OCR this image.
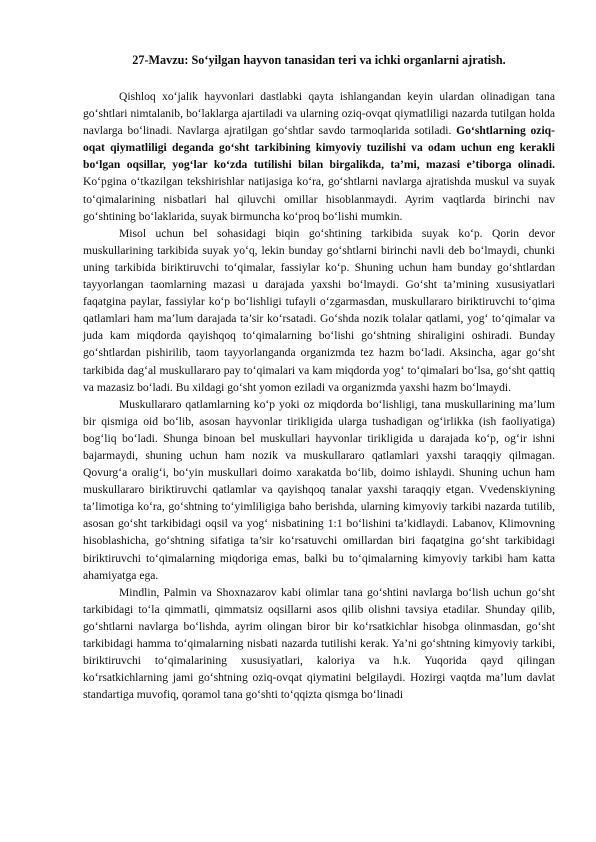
27-Mavzu: So‘yilgan hayvon tanasidan teri va ichki organlarni ajratish.

Qishloq xo‘jalik hayvonlari dastlabki qayta ishlangandan keyin ulardan olinadigan tana go‘shtlari nimtalanib, bo‘laklarga ajartiladi va ularning oziq-ovqat qiymatliligi nazarda tutilgan holda navlarga bo‘linadi. Navlarga ajratilgan go‘shtlar savdo tarmoqlarida sotiladi. Go‘shtlarning oziq-oqat qiymatliligi deganda go‘sht tarkibining kimyoviy tuzilishi va odam uchun eng kerakli bo‘lgan oqsillar, yog‘lar ko‘zda tutilishi bilan birgalikda, ta’mi, mazasi e’tiborga olinadi. Ko‘pgina o‘tkazilgan tekshirishlar natijasiga ko‘ra, go‘shtlarni navlarga ajratishda muskul va suyak to‘qimalarining nisbatlari hal qiluvchi omillar hisoblanmaydi. Ayrim vaqtlarda birinchi nav go‘shtining bo‘laklarida, suyak birmuncha ko‘proq bo‘lishi mumkin.

Misol uchun bel sohasidagi biqin go‘shtining tarkibida suyak ko‘p. Qorin devor muskullarining tarkibida suyak yo‘q, lekin bunday go‘shtlarni birinchi navli deb bo‘lmaydi, chunki uning tarkibida biriktiruvchi to‘qimalar, fassiylar ko‘p. Shuning uchun ham bunday go‘shtlardan tayyorlangan taomlarning mazasi u darajada yaxshi bo‘lmaydi. Go‘sht ta’mining xususiyatlari faqatgina paylar, fassiylar ko‘p bo‘lishligi tufayli o‘zgarmasdan, muskullararo biriktiruvchi to‘qima qatlamlari ham ma’lum darajada ta’sir ko‘rsatadi. Go‘shda nozik tolalar qatlami, yog‘ to‘qimalar va juda kam miqdorda qayishqoq to‘qimalarning bo‘lishi go‘shtning shiraligini oshiradi. Bunday go‘shtlardan pishirilib, taom tayyorlanganda organizmda tez hazm bo‘ladi. Aksincha, agar go‘sht tarkibida dag‘al muskullararo pay to‘qimalari va kam miqdorda yog‘ to‘qimalari bo‘lsa, go‘sht qattiq va mazasiz bo‘ladi. Bu xildagi go‘sht yomon eziladi va organizmda yaxshi hazm bo‘lmaydi.

Muskullararo qatlamlarning ko‘p yoki oz miqdorda bo‘lishligi, tana muskullarining ma’lum bir qismiga oid bo‘lib, asosan hayvonlar tirikligida ularga tushadigan og‘irlikka (ish faoliyatiga) bog‘liq bo‘ladi. Shunga binoan bel muskullari hayvonlar tirikligida u darajada ko‘p, og‘ir ishni bajarmaydi, shuning uchun ham nozik va muskullararo qatlamlari yaxshi taraqqiy qilmagan. Qovurg‘a oralig‘i, bo‘yin muskullari doimo xarakatda bo‘lib, doimo ishlaydi. Shuning uchun ham muskullararo biriktiruvchi qatlamlar va qayishqoq tanalar yaxshi taraqqiy etgan. Vvedenskiyning ta’limotiga ko‘ra, go‘shtning to‘yimliligiga baho berishda, ularning kimyoviy tarkibi nazarda tutilib, asosan go‘sht tarkibidagi oqsil va yog‘ nisbatining 1:1 bo‘lishini ta’kidlaydi. Labanov, Klimovning hisoblashicha, go‘shtning sifatiga ta’sir ko‘rsatuvchi omillardan biri faqatgina go‘sht tarkibidagi biriktiruvchi to‘qimalarning miqdoriga emas, balki bu to‘qimalarning kimyoviy tarkibi ham katta ahamiyatga ega.

Mindlin, Palmin va Shoxnazarov kabi olimlar tana go‘shtini navlarga bo‘lish uchun go‘sht tarkibidagi to‘la qimmatli, qimmatsiz oqsillarni asos qilib olishni tavsiya etadilar. Shunday qilib, go‘shtlarni navlarga bo‘lishda, ayrim olingan biror bir ko‘rsatkichlar hisobga olinmasdan, go‘sht tarkibidagi hamma to‘qimalarning nisbati nazarda tutilishi kerak. Ya’ni go‘shtning kimyoviy tarkibi, biriktiruvchi to‘qimalarining xususiyatlari, kaloriya va h.k. Yuqorida qayd qilingan ko‘rsatkichlarning jami go‘shtning oziq-ovqat qiymatini belgilaydi. Hozirgi vaqtda ma’lum davlat standartiga muvofiq, qoramol tana go‘shti to‘qqizta qismga bo‘linadi
